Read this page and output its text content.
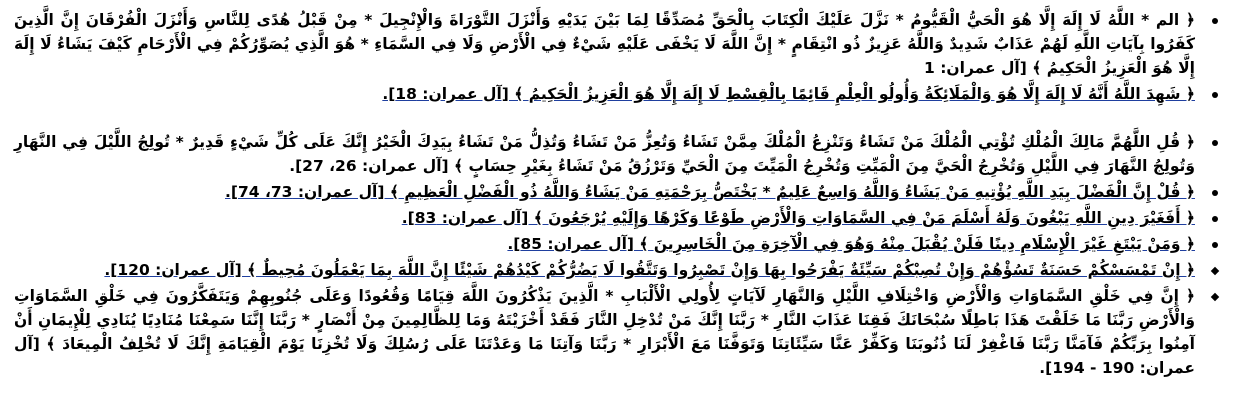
﴿ الم * اللَّهُ لَا إِلَهَ إِلَّا هُوَ الْحَيُّ الْقَيُّومُ * نَزَّلَ عَلَيْكَ الْكِتَابَ بِالْحَقِّ مُصَدِّقًا لِمَا بَيْنَ يَدَيْهِ وَأَنْزَلَ التَّوْرَاةَ وَالْإِنْجِيلَ * مِنْ قَبْلُ هُدًى لِلنَّاسِ وَأَنْزَلَ الْفُرْقَانَ إِنَّ الَّذِينَ كَفَرُوا بِآيَاتِ اللَّهِ لَهُمْ عَذَابٌ شَدِيدٌ وَاللَّهُ عَزِيزٌ ذُو انْتِقَامٍ * إِنَّ اللَّهَ لَا يَخْفَى عَلَيْهِ شَيْءٌ فِي الْأَرْضِ وَلَا فِي السَّمَاءِ * هُوَ الَّذِي يُصَوِّرُكُمْ فِي الْأَرْحَامِ كَيْفَ يَشَاءُ لَا إِلَهَ إِلَّا هُوَ الْعَزِيزُ الْحَكِيمُ ﴾ [آل عمران: 1
﴿ شَهِدَ اللَّهُ أَنَّهُ لَا إِلَهَ إِلَّا هُوَ وَالْمَلَائِكَةُ وَأُولُو الْعِلْمِ قَائِمًا بِالْقِسْطِ لَا إِلَهَ إِلَّا هُوَ الْعَزِيزُ الْحَكِيمُ ﴾ [آل عمران: 18].
﴿ قُلِ اللَّهُمَّ مَالِكَ الْمُلْكِ تُؤْتِي الْمُلْكَ مَنْ تَشَاءُ وَتَنْزِعُ الْمُلْكَ مِمَّنْ تَشَاءُ وَتُعِزُّ مَنْ تَشَاءُ وَتُذِلُّ مَنْ تَشَاءُ بِيَدِكَ الْخَيْرُ إِنَّكَ عَلَى كُلِّ شَيْءٍ قَدِيرٌ * تُولِجُ اللَّيْلَ فِي النَّهَارِ وَتُولِجُ النَّهَارَ فِي اللَّيْلِ وَتُخْرِجُ الْحَيَّ مِنَ الْمَيِّتِ وَتُخْرِجُ الْمَيِّتَ مِنَ الْحَيِّ وَتَرْزُقُ مَنْ تَشَاءُ بِغَيْرِ حِسَابٍ ﴾ [آل عمران: 26، 27].
﴿ قُلْ إِنَّ الْفَضْلَ بِيَدِ اللَّهِ يُؤْتِيهِ مَنْ يَشَاءُ وَاللَّهُ وَاسِعٌ عَلِيمٌ * يَخْتَصُّ بِرَحْمَتِهِ مَنْ يَشَاءُ وَاللَّهُ ذُو الْفَضْلِ الْعَظِيمِ ﴾ [آل عمران: 73، 74].
﴿ أَفَغَيْرَ دِينِ اللَّهِ يَبْغُونَ وَلَهُ أَسْلَمَ مَنْ فِي السَّمَاوَاتِ وَالْأَرْضِ طَوْعًا وَكَرْهًا وَإِلَيْهِ يُرْجَعُونَ ﴾ [آل عمران: 83].
﴿ وَمَنْ يَبْتَغِ غَيْرَ الْإِسْلَامِ دِينًا فَلَنْ يُقْبَلَ مِنْهُ وَهُوَ فِي الْآخِرَةِ مِنَ الْخَاسِرِينَ ﴾ [آل عمران: 85].
﴿ إِنْ تَمْسَسْكُمْ حَسَنَةٌ تَسُؤْهُمْ وَإِنْ تُصِبْكُمْ سَيِّئَةٌ يَفْرَحُوا بِهَا وَإِنْ تَصْبِرُوا وَتَتَّقُوا لَا يَضُرُّكُمْ كَيْدُهُمْ شَيْئًا إِنَّ اللَّهَ بِمَا يَعْمَلُونَ مُحِيطٌ ﴾ [آل عمران: 120].
﴿ إِنَّ فِي خَلْقِ السَّمَاوَاتِ وَالْأَرْضِ وَاخْتِلَافِ اللَّيْلِ وَالنَّهَارِ لَآيَاتٍ لِأُولِي الْأَلْبَابِ * الَّذِينَ يَذْكُرُونَ اللَّهَ قِيَامًا وَقُعُودًا وَعَلَى جُنُوبِهِمْ وَيَتَفَكَّرُونَ فِي خَلْقِ السَّمَاوَاتِ وَالْأَرْضِ رَبَّنَا مَا خَلَقْتَ هَذَا بَاطِلًا سُبْحَانَكَ فَقِنَا عَذَابَ النَّارِ * رَبَّنَا إِنَّكَ مَنْ تُدْخِلِ النَّارَ فَقَدْ أَخْزَيْتَهُ وَمَا لِلظَّالِمِينَ مِنْ أَنْصَارٍ * رَبَّنَا إِنَّنَا سَمِعْنَا مُنَادِيًا يُنَادِي لِلْإِيمَانِ أَنْ آمِنُوا بِرَبِّكُمْ فَآمَنَّا رَبَّنَا فَاغْفِرْ لَنَا ذُنُوبَنَا وَكَفِّرْ عَنَّا سَيِّئَاتِنَا وَتَوَفَّنَا مَعَ الْأَبْرَارِ * رَبَّنَا وَآتِنَا مَا وَعَدْتَنَا عَلَى رُسُلِكَ وَلَا تُخْزِنَا يَوْمَ الْقِيَامَةِ إِنَّكَ لَا تُخْلِفُ الْمِيعَادَ ﴾ [آل عمران: 190 - 194].
